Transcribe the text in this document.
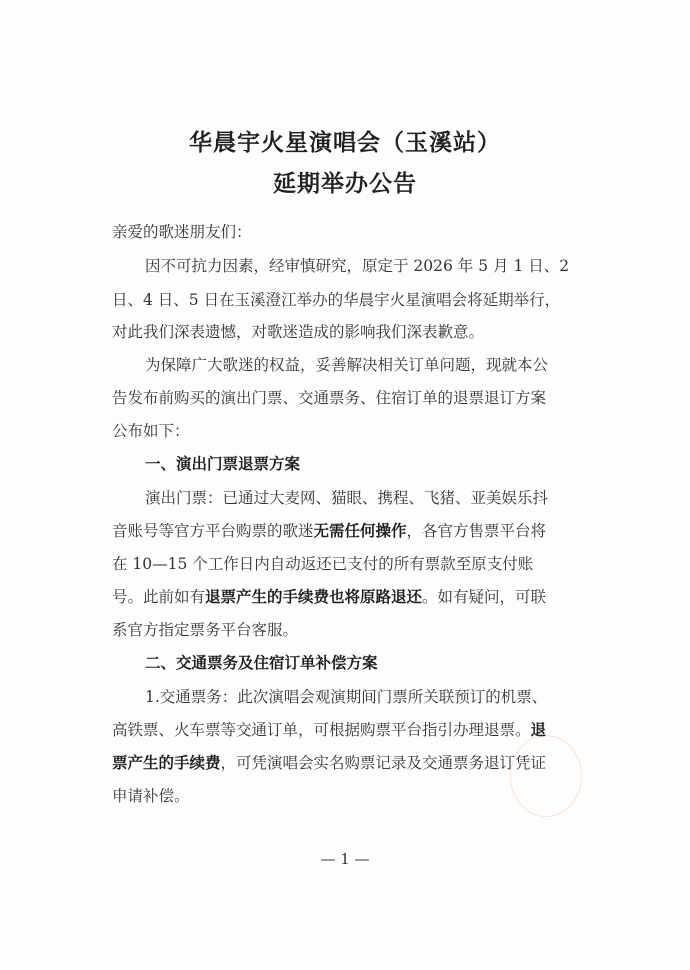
华晨宇火星演唱会（玉溪站）
延期举办公告
亲爱的歌迷朋友们：
因不可抗力因素，经审慎研究，原定于 2026 年 5 月 1 日、2
日、4 日、5 日在玉溪澄江举办的华晨宇火星演唱会将延期举行，
对此我们深表遗憾，对歌迷造成的影响我们深表歉意。
为保障广大歌迷的权益，妥善解决相关订单问题，现就本公
告发布前购买的演出门票、交通票务、住宿订单的退票退订方案
公布如下：
一、演出门票退票方案
演出门票：已通过大麦网、猫眼、携程、飞猪、亚美娱乐抖
音账号等官方平台购票的歌迷无需任何操作，各官方售票平台将
在 10—15 个工作日内自动返还已支付的所有票款至原支付账
号。此前如有退票产生的手续费也将原路退还。如有疑问，可联
系官方指定票务平台客服。
二、交通票务及住宿订单补偿方案
1.交通票务：此次演唱会观演期间门票所关联预订的机票、
高铁票、火车票等交通订单，可根据购票平台指引办理退票。退
票产生的手续费，可凭演唱会实名购票记录及交通票务退订凭证
申请补偿。
— 1 —
